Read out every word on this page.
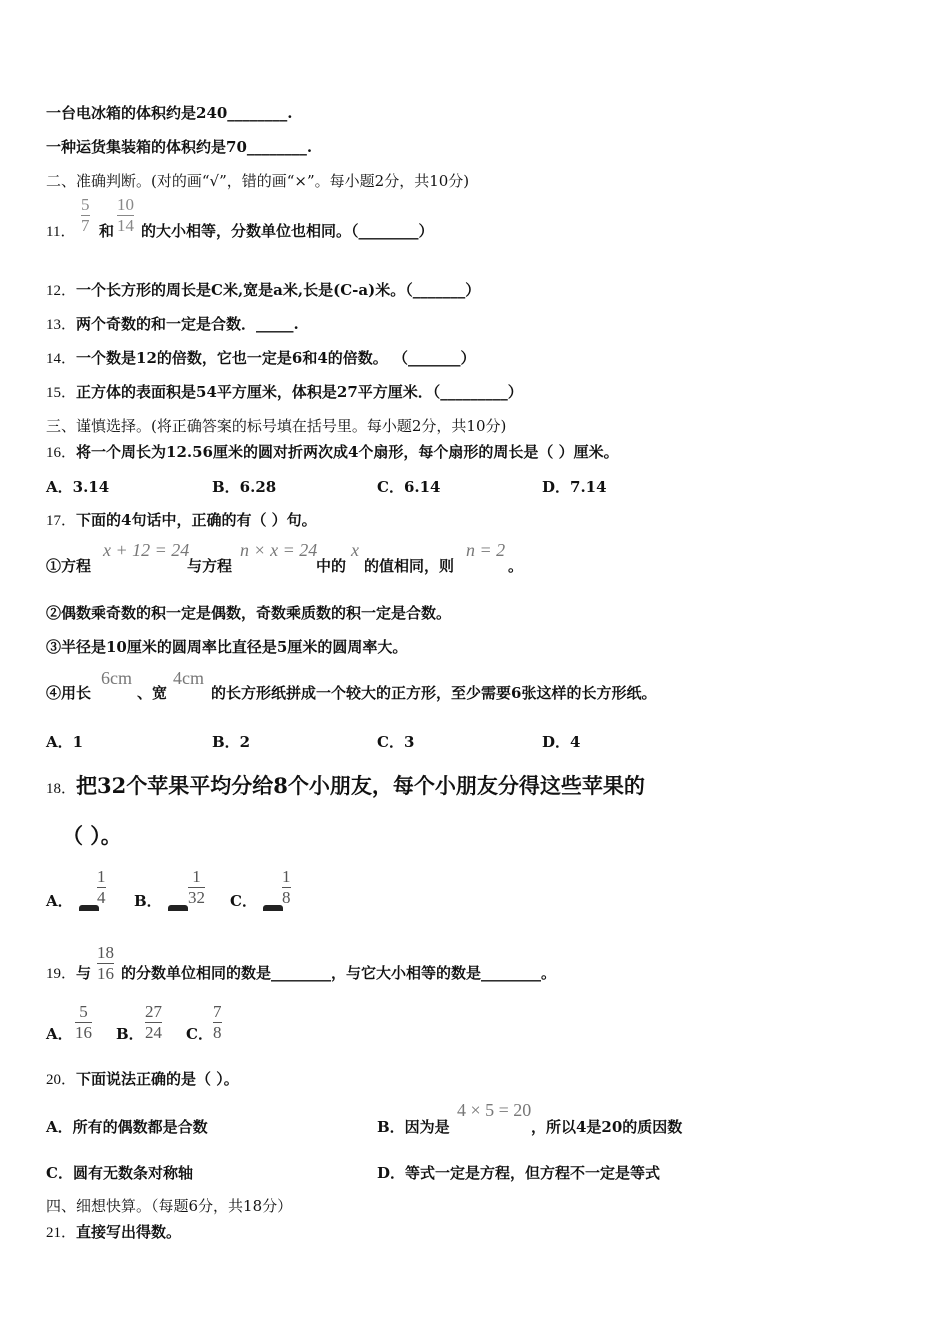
一台电冰箱的体积约是240________.
一种运货集装箱的体积约是70________.
二、准确判断。(对的画“√”，错的画“×”。每小题2分，共10分)
11． $\frac{5}{7}$ 和 $\frac{10}{14}$ 的大小相等，分数单位也相同。（________）
12．一个长方形的周长是C米,宽是a米,长是(C-a)米。（_______）
13．两个奇数的和一定是合数．_____.
14．一个数是12的倍数，它也一定是6和4的倍数。 （_______）
15．正方体的表面积是54平方厘米，体积是27平方厘米．（_________）
三、谨慎选择。(将正确答案的标号填在括号里。每小题2分，共10分)
16．将一个周长为12.56厘米的圆对折两次成4个扇形，每个扇形的周长是（ ）厘米。
A．3.14	B．6.28	C．6.14	D．7.14
17．下面的4句话中，正确的有（ ）句。
①方程
x + 12 = 24
与方程
n × x = 24
中的
x
的值相同，则
n = 2
。
②偶数乘奇数的积一定是偶数，奇数乘质数的积一定是合数。
③半径是10厘米的圆周率比直径是5厘米的圆周率大。
④用长
6cm
、宽
4cm
的长方形纸拼成一个较大的正方形，至少需要6张这样的长方形纸。
A．1	B．2	C．3	D．4
18．把32个苹果平均分给8个小朋友，每个小朋友分得这些苹果的
（ ）。
A．	$\frac{1}{4}$ B．	$\frac{1}{32}$ C．	$\frac{1}{8}$
19．与 $\frac{18}{16}$ 的分数单位相同的数是________，与它大小相等的数是________。
A． $\frac{5}{16}$ B． $\frac{27}{24}$ C． $\frac{7}{8}$
20．下面说法正确的是（ ）。
A．所有的偶数都是合数	B．因为是
4 × 5 = 20
，所以4是20的质因数
C．圆有无数条对称轴	D．等式一定是方程，但方程不一定是等式
四、细想快算。（每题6分，共18分）
21．直接写出得数。
